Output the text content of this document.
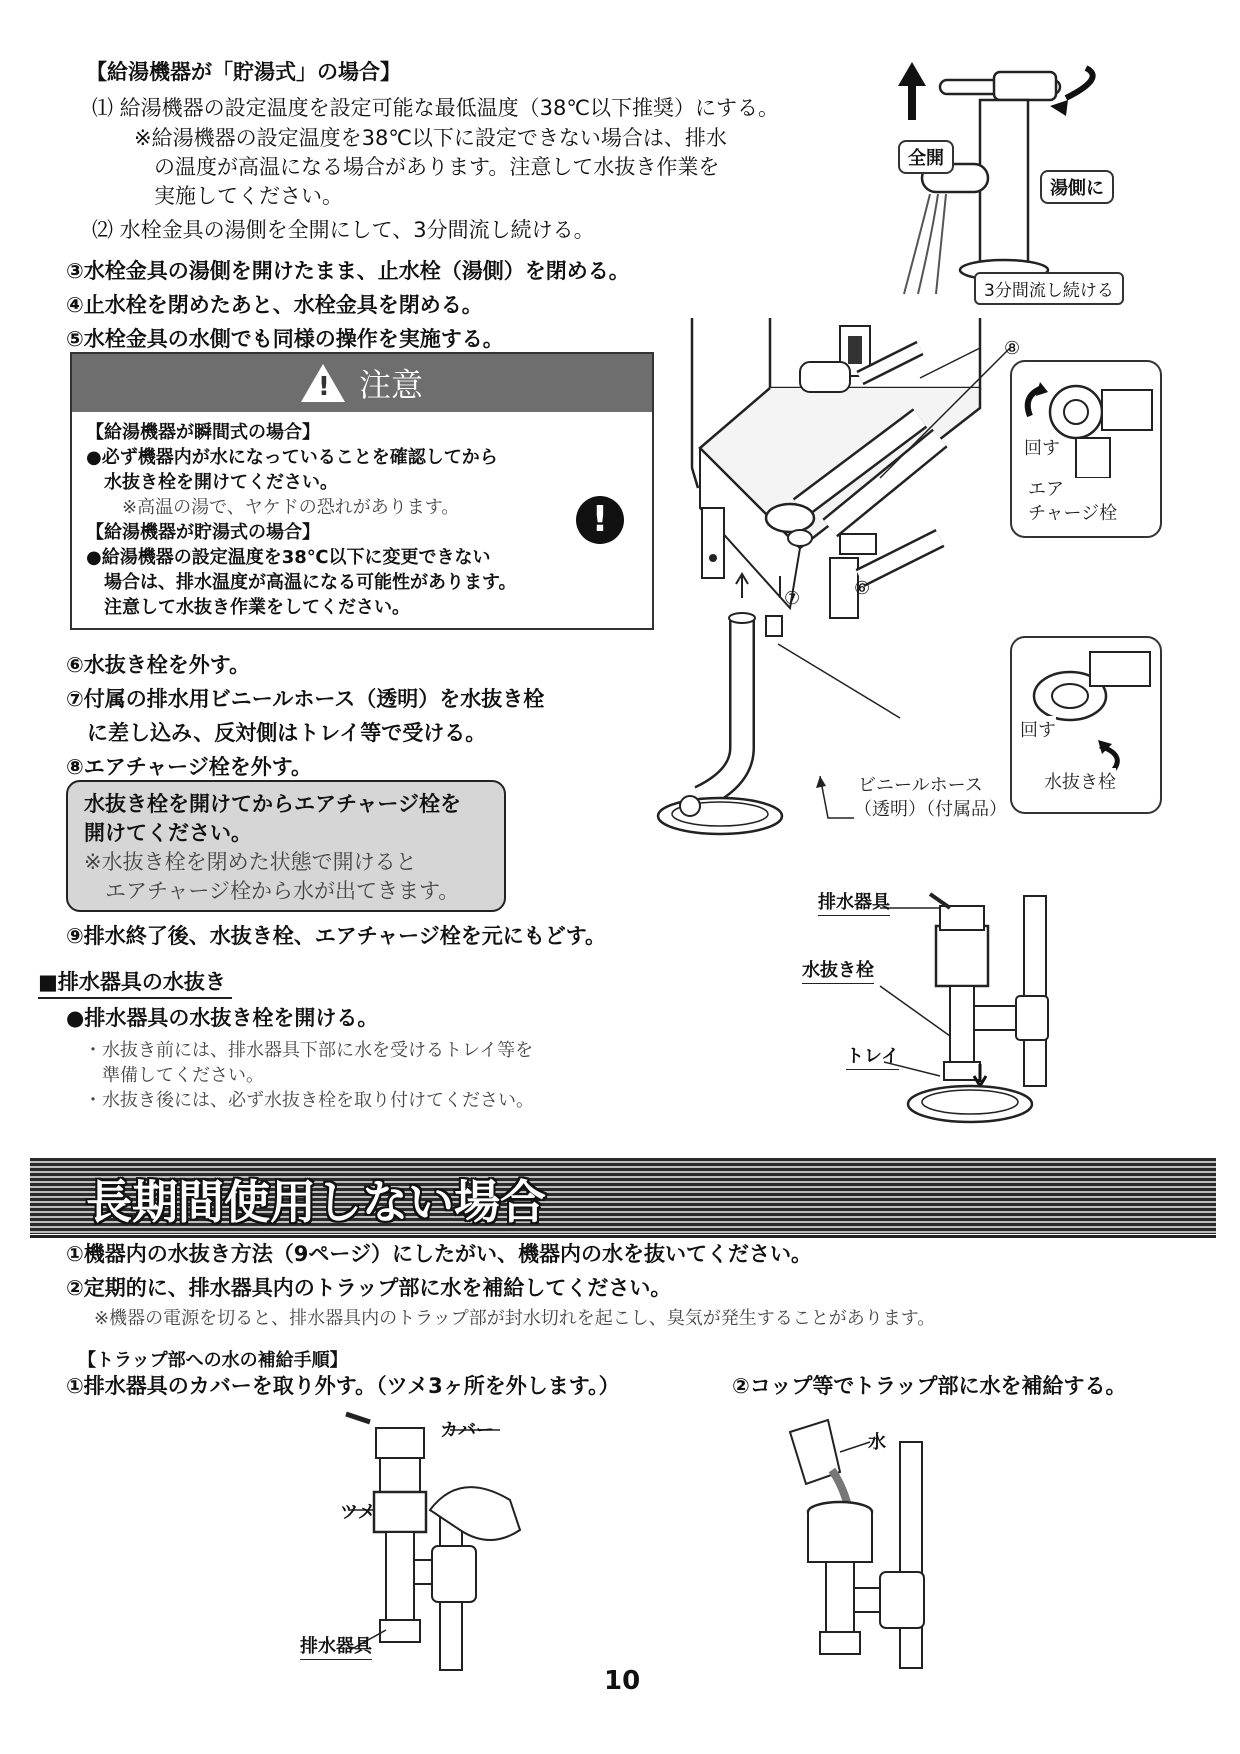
【給湯機器が「貯湯式」の場合】
⑴ 給湯機器の設定温度を設定可能な最低温度（38℃以下推奨）にする。
※給湯機器の設定温度を38℃以下に設定できない場合は、排水
の温度が高温になる場合があります。注意して水抜き作業を
実施してください。
⑵ 水栓金具の湯側を全開にして、3分間流し続ける。
③水栓金具の湯側を開けたまま、止水栓（湯側）を閉める。
④止水栓を閉めたあと、水栓金具を閉める。
⑤水栓金具の水側でも同様の操作を実施する。
全開
湯側に
3分間流し続ける
! 注意
【給湯機器が瞬間式の場合】
●必ず機器内が水になっていることを確認してから
　水抜き栓を開けてください。
　　※高温の湯で、ヤケドの恐れがあります。
【給湯機器が貯湯式の場合】
●給湯機器の設定温度を38℃以下に変更できない
　場合は、排水温度が高温になる可能性があります。
　注意して水抜き作業をしてください。
!
⑧
回す
エア
チャージ栓
⑦	⑥
回す
水抜き栓
ビニールホース
（透明）（付属品）
⑥水抜き栓を外す。
⑦付属の排水用ビニールホース（透明）を水抜き栓
　に差し込み、反対側はトレイ等で受ける。
⑧エアチャージ栓を外す。
水抜き栓を開けてからエアチャージ栓を
開けてください。
※水抜き栓を閉めた状態で開けると
　エアチャージ栓から水が出てきます。
⑨排水終了後、水抜き栓、エアチャージ栓を元にもどす。
■排水器具の水抜き
●排水器具の水抜き栓を開ける。
・水抜き前には、排水器具下部に水を受けるトレイ等を
　準備してください。
・水抜き後には、必ず水抜き栓を取り付けてください。
排水器具
水抜き栓
トレイ
長期間使用しない場合
①機器内の水抜き方法（9ページ）にしたがい、機器内の水を抜いてください。
②定期的に、排水器具内のトラップ部に水を補給してください。
※機器の電源を切ると、排水器具内のトラップ部が封水切れを起こし、臭気が発生することがあります。
【トラップ部への水の補給手順】
①排水器具のカバーを取り外す。（ツメ3ヶ所を外します。）	②コップ等でトラップ部に水を補給する。
カバー
ツメ
排水器具
水
10
